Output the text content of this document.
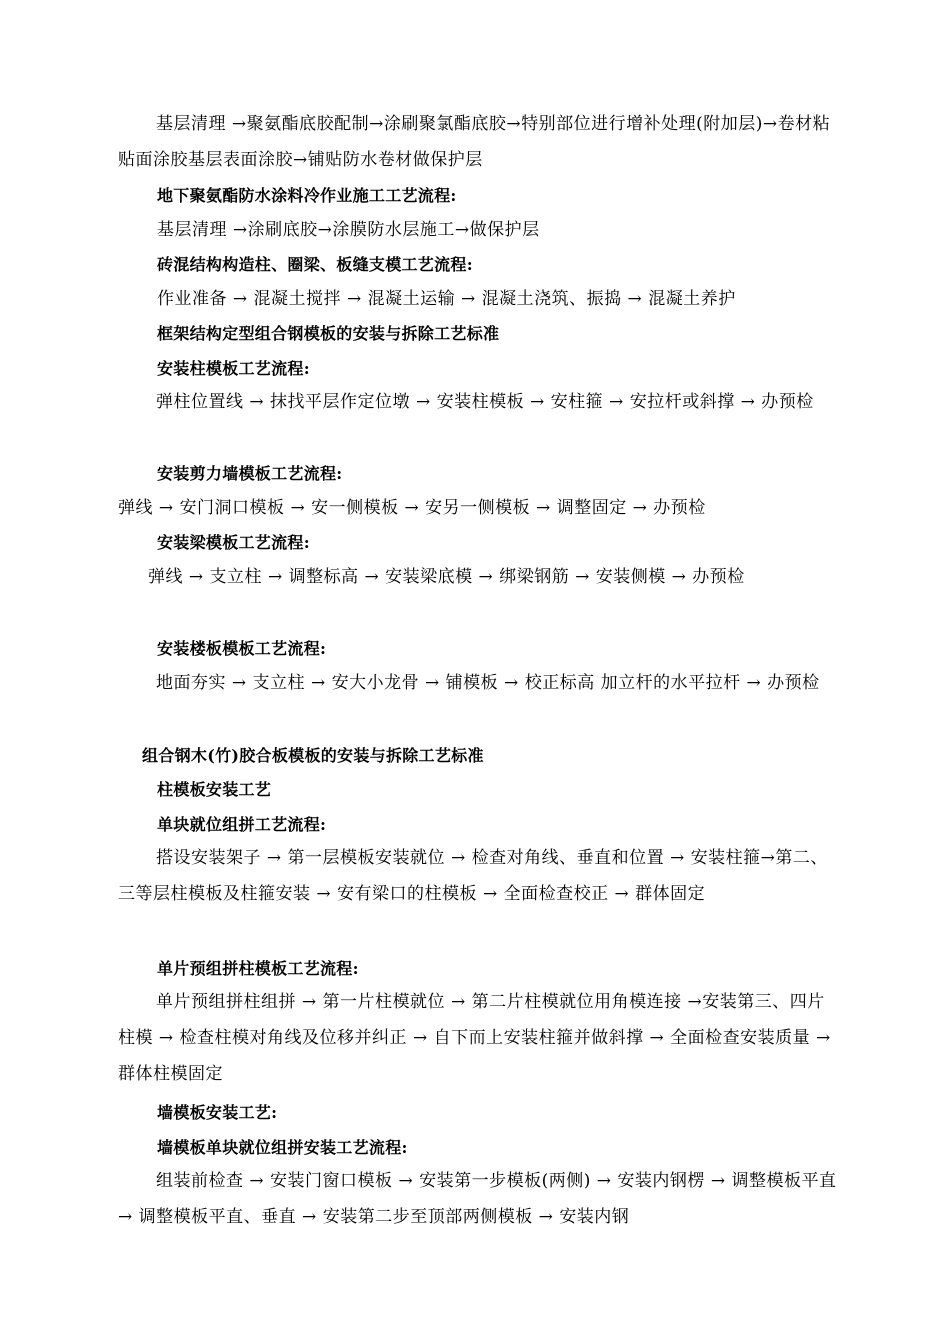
基层清理 →聚氨酯底胶配制→涂刷聚氯酯底胶→特别部位进行增补处理(附加层)→卷材粘贴面涂胶基层表面涂胶→铺贴防水卷材做保护层

地下聚氨酯防水涂料冷作业施工工艺流程:

基层清理 →涂刷底胶→涂膜防水层施工→做保护层

砖混结构构造柱、圈梁、板缝支模工艺流程:

作业准备 → 混凝土搅拌 → 混凝土运输 → 混凝土浇筑、振捣 → 混凝土养护

框架结构定型组合钢模板的安装与拆除工艺标准

安装柱模板工艺流程:

弹柱位置线 → 抹找平层作定位墩 → 安装柱模板 → 安柱箍 → 安拉杆或斜撑 → 办预检

安装剪力墙模板工艺流程:

弹线 → 安门洞口模板 → 安一侧模板 → 安另一侧模板 → 调整固定 → 办预检

安装梁模板工艺流程:

弹线 → 支立柱 → 调整标高 → 安装梁底模 → 绑梁钢筋 → 安装侧模 → 办预检

安装楼板模板工艺流程:

地面夯实 → 支立柱 → 安大小龙骨 → 铺模板 → 校正标高 加立杆的水平拉杆 → 办预检

组合钢木(竹)胶合板模板的安装与拆除工艺标准

柱模板安装工艺

单块就位组拼工艺流程:

搭设安装架子 → 第一层模板安装就位 → 检查对角线、垂直和位置 → 安装柱箍→第二、三等层柱模板及柱箍安装 → 安有梁口的柱模板 → 全面检查校正 → 群体固定

单片预组拼柱模板工艺流程:

单片预组拼柱组拼 → 第一片柱模就位 → 第二片柱模就位用角模连接 →安装第三、四片柱模 → 检查柱模对角线及位移并纠正 → 自下而上安装柱箍并做斜撑 → 全面检查安装质量 → 群体柱模固定

墙模板安装工艺:

墙模板单块就位组拼安装工艺流程:

组装前检查 → 安装门窗口模板 → 安装第一步模板(两侧) → 安装内钢楞 → 调整模板平直 → 调整模板平直、垂直 → 安装第二步至顶部两侧模板 → 安装内钢
